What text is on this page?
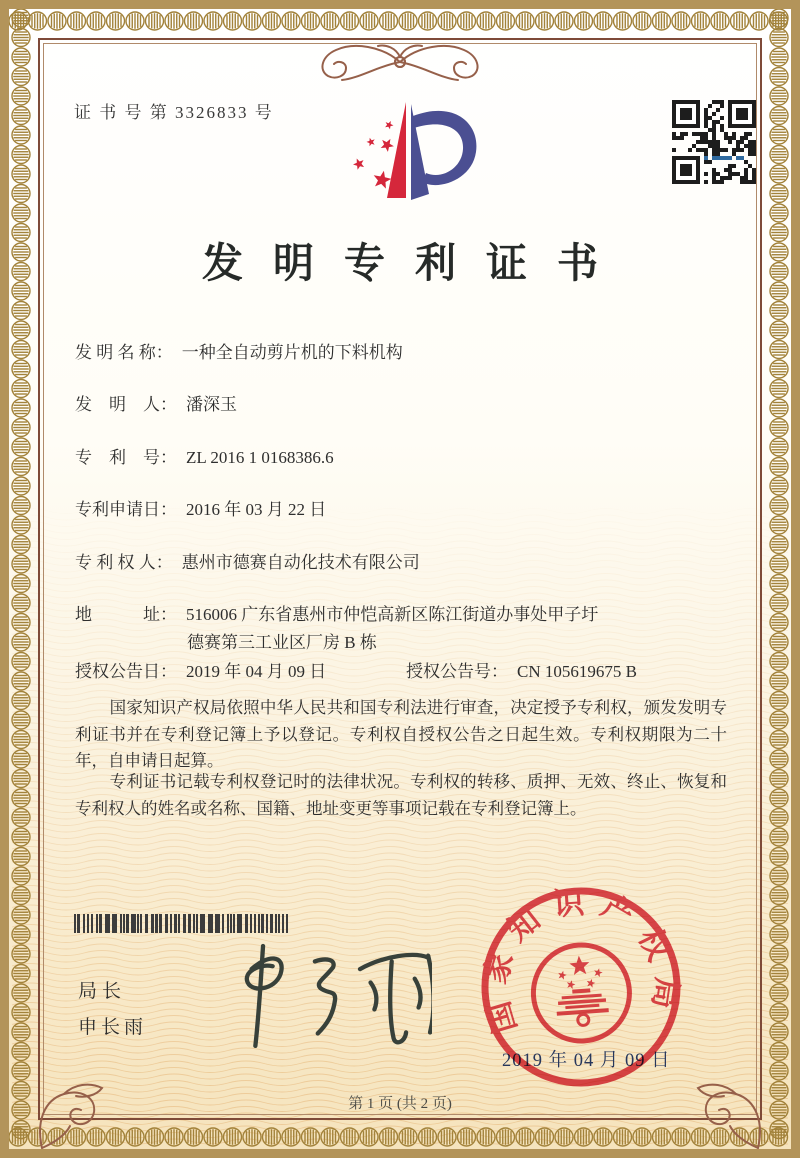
证 书 号 第 3326833 号
发明专利证书
发 明 名 称： 一种全自动剪片机的下料机构
发　明　人： 潘深玉
专　利　号： ZL 2016 1 0168386.6
专利申请日： 2016 年 03 月 22 日
专 利 权 人： 惠州市德赛自动化技术有限公司
地　　　址： 516006 广东省惠州市仲恺高新区陈江街道办事处甲子圩
德赛第三工业区厂房 B 栋
授权公告日： 2019 年 04 月 09 日	授权公告号： CN 105619675 B
国家知识产权局依照中华人民共和国专利法进行审查，决定授予专利权，颁发发明专利证书并在专利登记簿上予以登记。专利权自授权公告之日起生效。专利权期限为二十年，自申请日起算。
专利证书记载专利权登记时的法律状况。专利权的转移、质押、无效、终止、恢复和专利权人的姓名或名称、国籍、地址变更等事项记载在专利登记簿上。
局长
申长雨
2019 年 04 月 09 日
第 1 页 (共 2 页)
国家知识产权局
